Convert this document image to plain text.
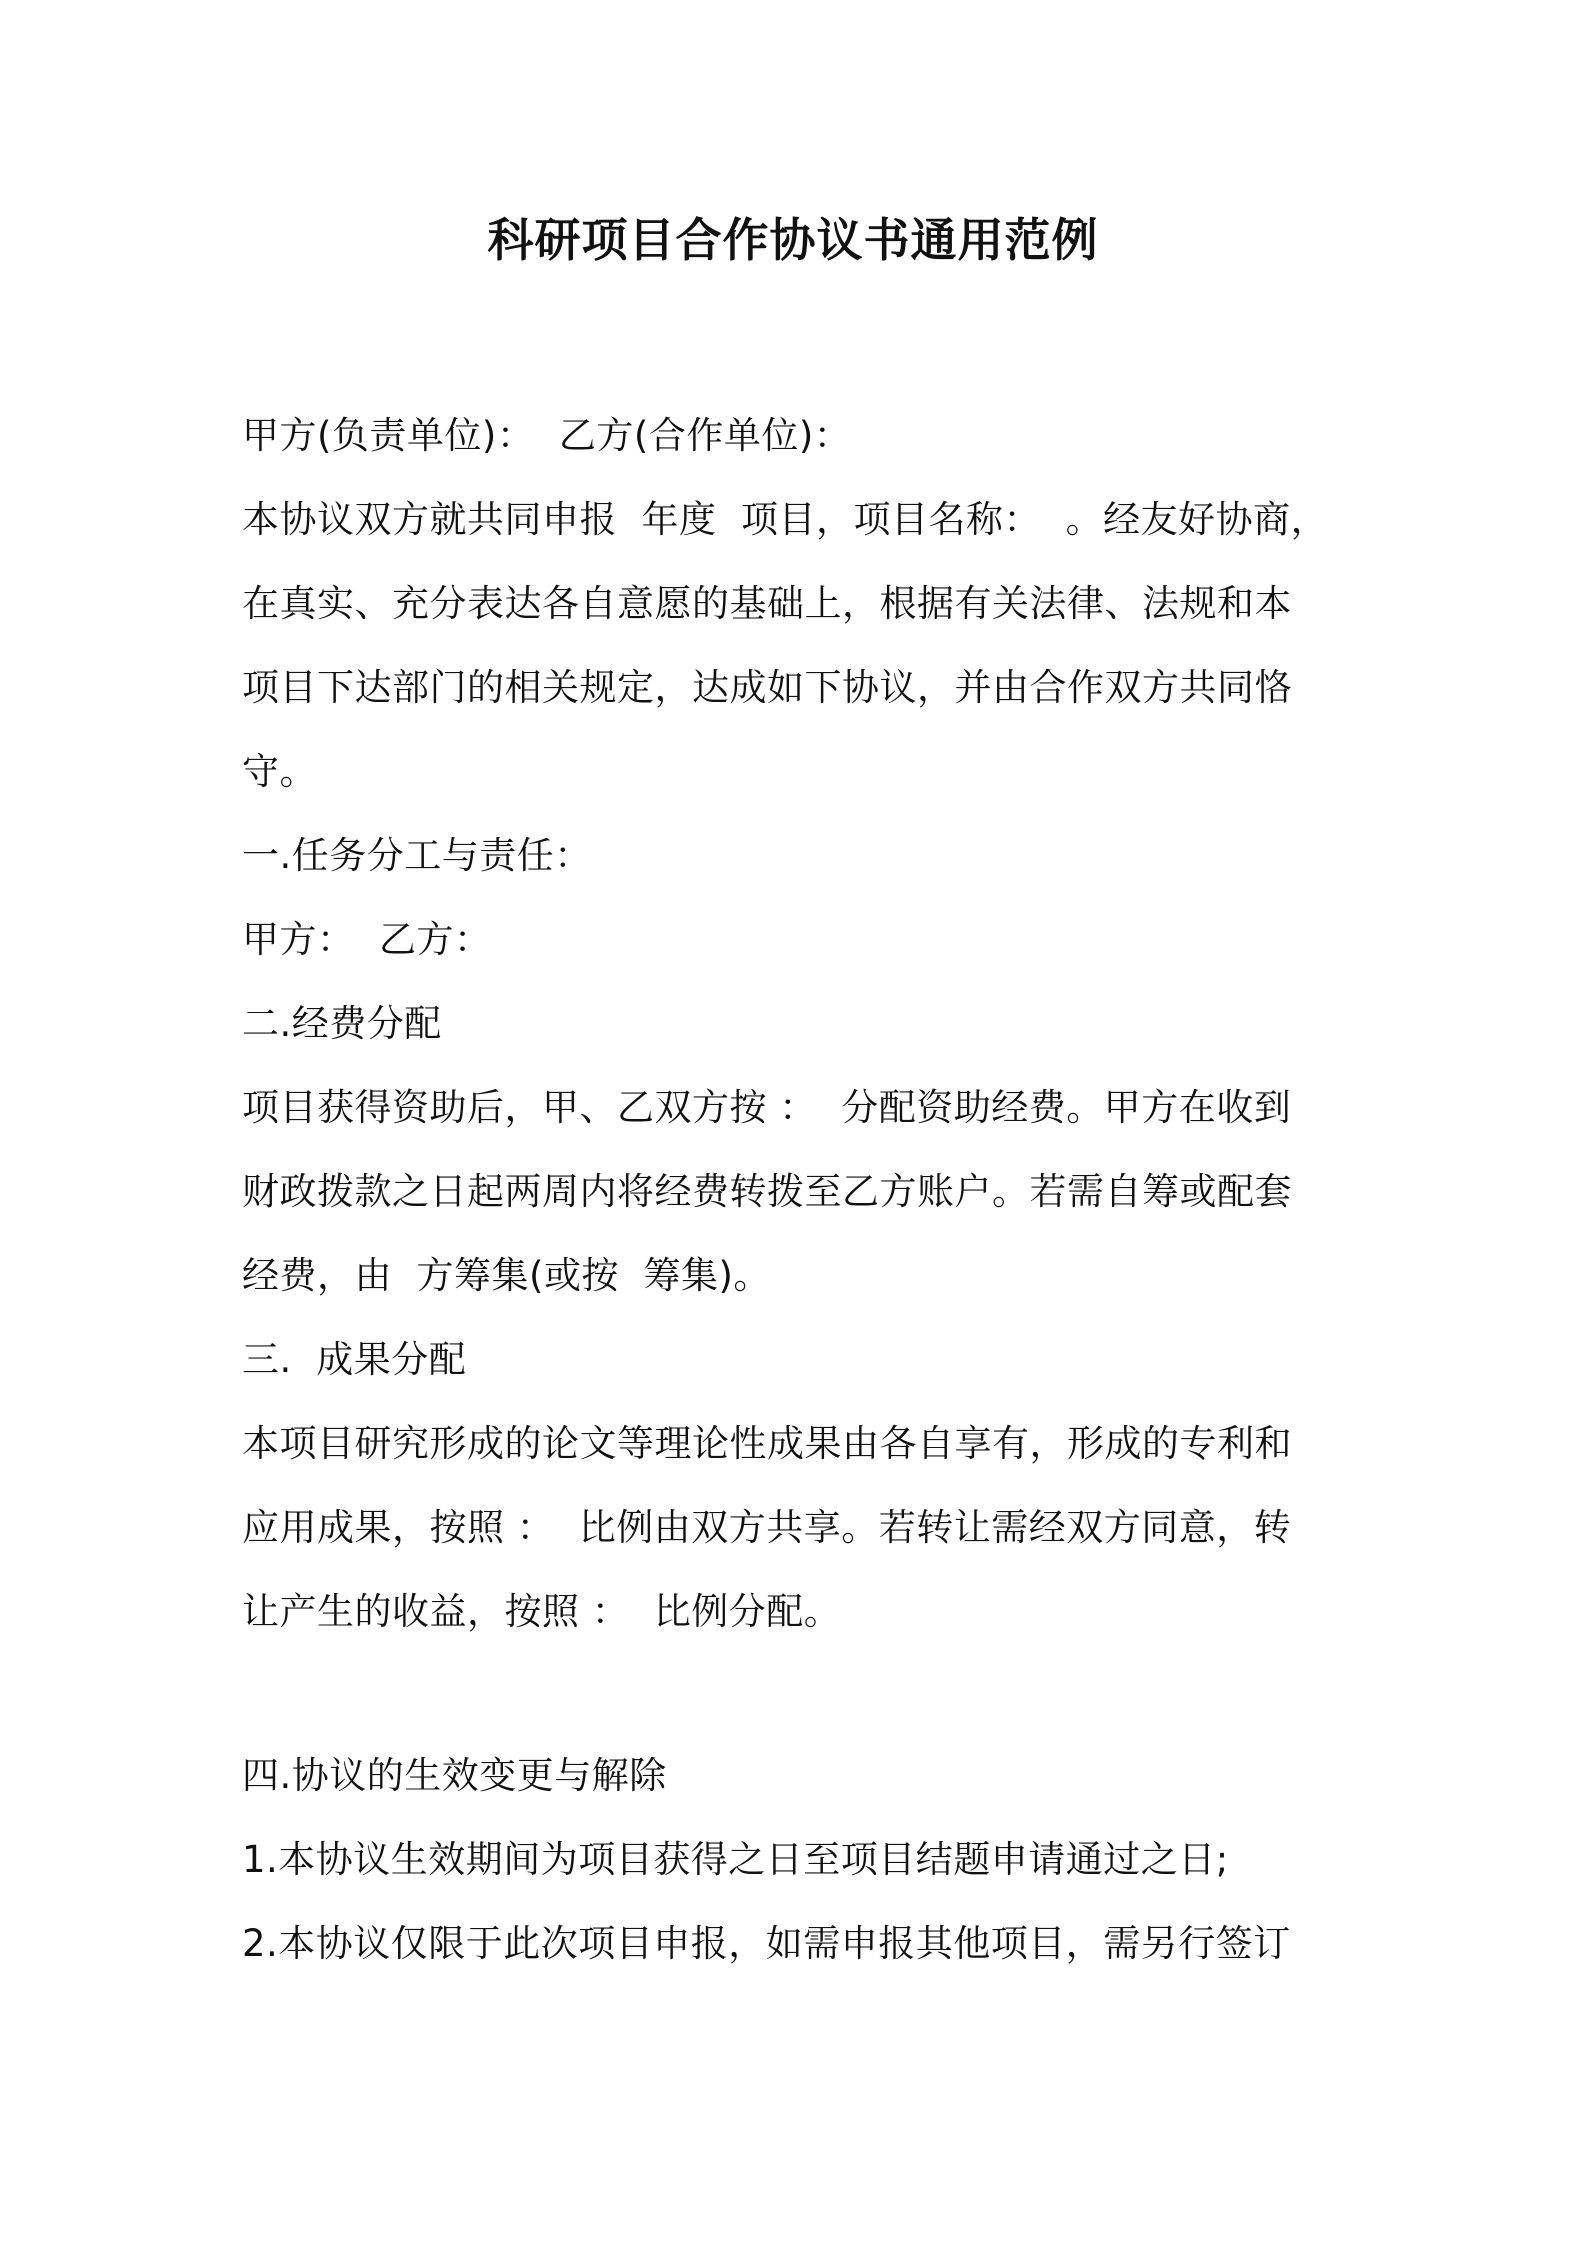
科研项目合作协议书通用范例
甲方(负责单位)：  乙方(合作单位)：
本协议双方就共同申报  年度  项目，项目名称：  。经友好协商，
在真实、充分表达各自意愿的基础上，根据有关法律、法规和本
项目下达部门的相关规定，达成如下协议，并由合作双方共同恪
守。
一.任务分工与责任：
甲方：  乙方：
二.经费分配
项目获得资助后，甲、乙双方按 ：  分配资助经费。甲方在收到
财政拨款之日起两周内将经费转拨至乙方账户。若需自筹或配套
经费，由  方筹集(或按  筹集)。
三.  成果分配
本项目研究形成的论文等理论性成果由各自享有，形成的专利和
应用成果，按照 ：  比例由双方共享。若转让需经双方同意，转
让产生的收益，按照 ：  比例分配。
四.协议的生效变更与解除
1.本协议生效期间为项目获得之日至项目结题申请通过之日;
2.本协议仅限于此次项目申报，如需申报其他项目，需另行签订
